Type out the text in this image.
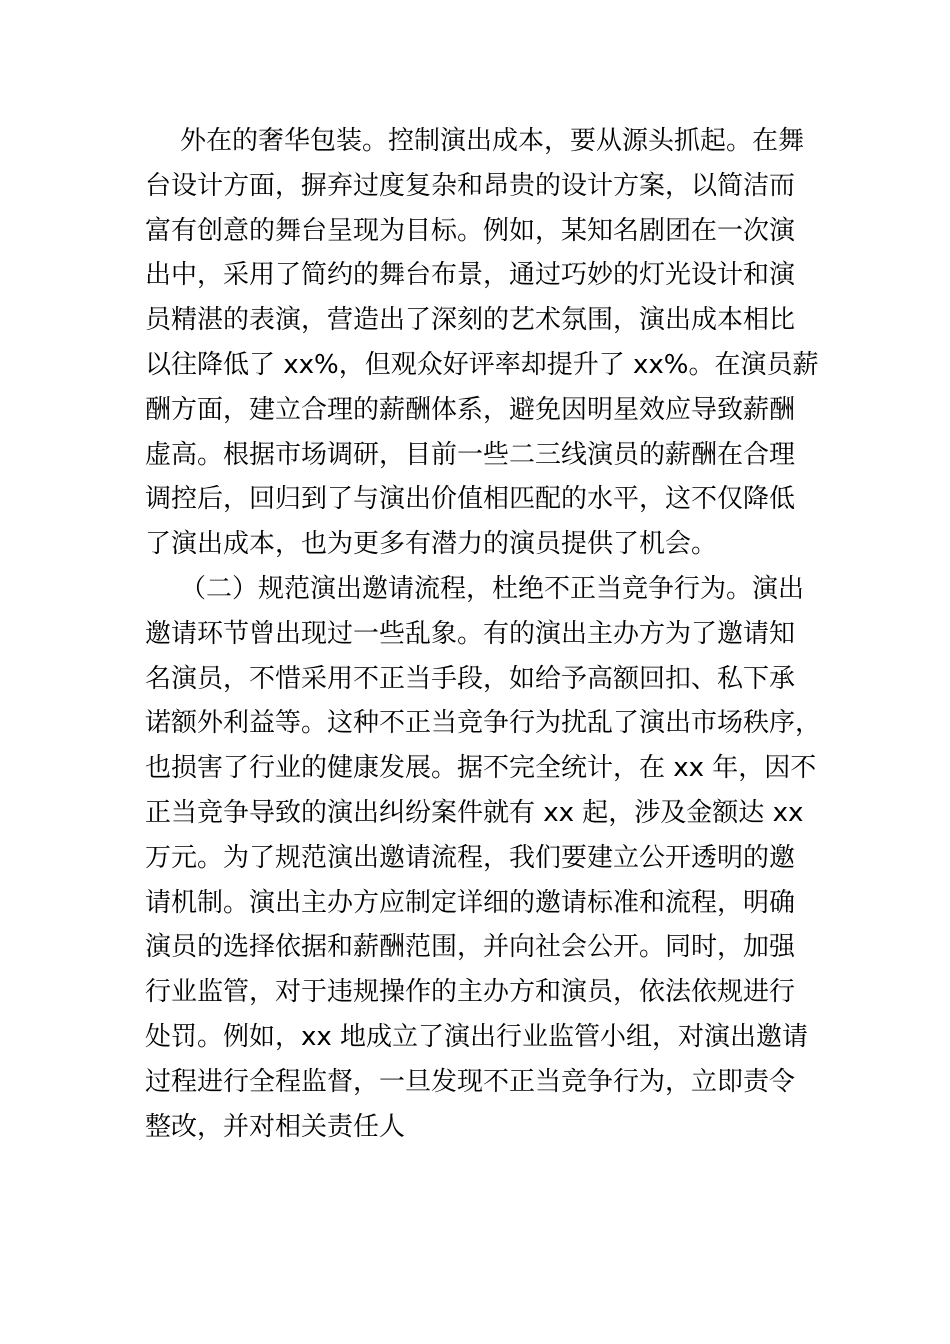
外在的奢华包装。控制演出成本，要从源头抓起。在舞
台设计方面，摒弃过度复杂和昂贵的设计方案，以简洁而
富有创意的舞台呈现为目标。例如，某知名剧团在一次演
出中，采用了简约的舞台布景，通过巧妙的灯光设计和演
员精湛的表演，营造出了深刻的艺术氛围，演出成本相比
以往降低了 xx%，但观众好评率却提升了 xx%。在演员薪
酬方面，建立合理的薪酬体系，避免因明星效应导致薪酬
虚高。根据市场调研，目前一些二三线演员的薪酬在合理
调控后，回归到了与演出价值相匹配的水平，这不仅降低
了演出成本，也为更多有潜力的演员提供了机会。
（二）规范演出邀请流程，杜绝不正当竞争行为。演出
邀请环节曾出现过一些乱象。有的演出主办方为了邀请知
名演员，不惜采用不正当手段，如给予高额回扣、私下承
诺额外利益等。这种不正当竞争行为扰乱了演出市场秩序，
也损害了行业的健康发展。据不完全统计，在 xx 年，因不
正当竞争导致的演出纠纷案件就有 xx 起，涉及金额达 xx
万元。为了规范演出邀请流程，我们要建立公开透明的邀
请机制。演出主办方应制定详细的邀请标准和流程，明确
演员的选择依据和薪酬范围，并向社会公开。同时，加强
行业监管，对于违规操作的主办方和演员，依法依规进行
处罚。例如，xx 地成立了演出行业监管小组，对演出邀请
过程进行全程监督，一旦发现不正当竞争行为，立即责令
整改，并对相关责任人
